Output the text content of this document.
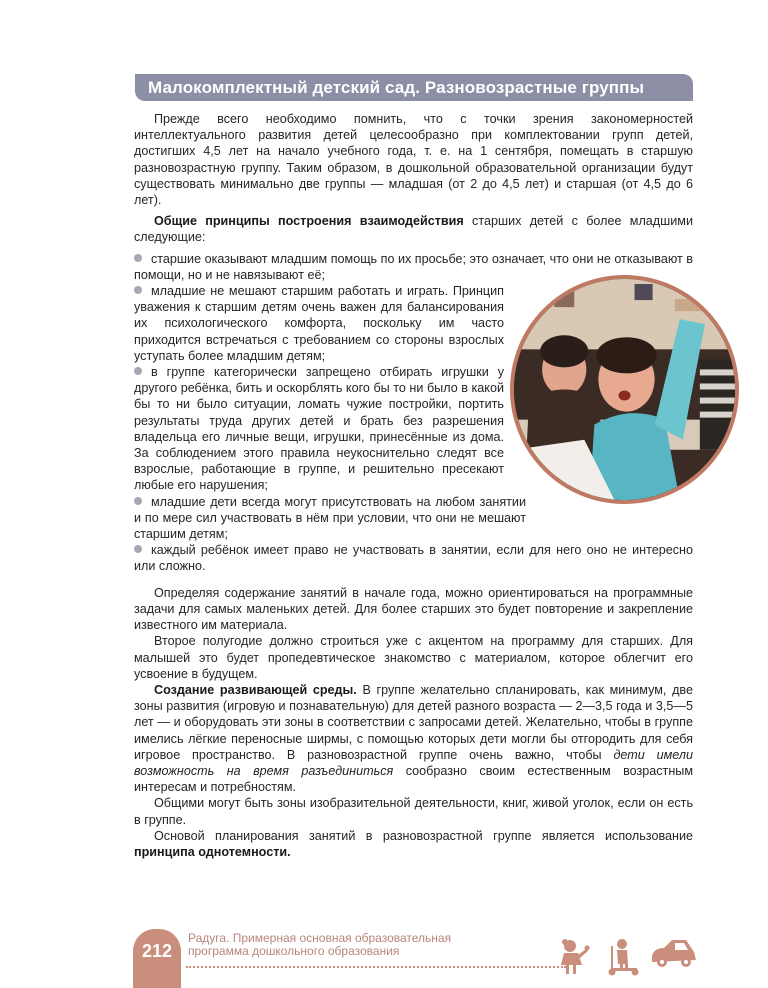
Малокомплектный детский сад. Разновозрастные группы

Прежде всего необходимо помнить, что с точки зрения закономерностей интеллектуального развития детей целесообразно при комплектовании групп детей, достигших 4,5 лет на начало учебного года, т. е. на 1 сентября, помещать в старшую разновозрастную группу. Таким образом, в дошкольной образовательной организации будут существовать минимально две группы — младшая (от 2 до 4,5 лет) и старшая (от 4,5 до 6 лет).

Общие принципы построения взаимодействия старших детей с более младшими следующие:

старшие оказывают младшим помощь по их просьбе; это означает, что они не отказывают в помощи, но и не навязывают её;

младшие не мешают старшим работать и играть. Принцип уважения к старшим детям очень важен для балансирования их психологического комфорта, поскольку им часто приходится встречаться с требованием со стороны взрослых уступать более младшим детям;

в группе категорически запрещено отбирать игрушки у другого ребёнка, бить и оскорблять кого бы то ни было в какой бы то ни было ситуации, ломать чужие постройки, портить результаты труда других детей и брать без разрешения владельца его личные вещи, игрушки, принесённые из дома. За соблюдением этого правила неукоснительно следят все взрослые, работающие в группе, и решительно пресекают любые его нарушения;

младшие дети всегда могут присутствовать на любом занятии и по мере сил участвовать в нём при условии, что они не мешают старшим детям;

каждый ребёнок имеет право не участвовать в занятии, если для него оно не интересно или сложно.

Определяя содержание занятий в начале года, можно ориентироваться на программные задачи для самых маленьких детей. Для более старших это будет повторение и закрепление известного им материала.

Второе полугодие должно строиться уже с акцентом на программу для старших. Для малышей это будет пропедевтическое знакомство с материалом, которое облегчит его усвоение в будущем.

Создание развивающей среды. В группе желательно спланировать, как минимум, две зоны развития (игровую и познавательную) для детей разного возраста — 2—3,5 года и 3,5—5 лет — и оборудовать эти зоны в соответствии с запросами детей. Желательно, чтобы в группе имелись лёгкие переносные ширмы, с помощью которых дети могли бы отгородить для себя игровое пространство. В разновозрастной группе очень важно, чтобы дети имели возможность на время разъединиться сообразно своим естественным возрастным интересам и потребностям.

Общими могут быть зоны изобразительной деятельности, книг, живой уголок, если он есть в группе.

Основой планирования занятий в разновозрастной группе является использование принципа однотемности.

212
Радуга. Примерная основная образовательная
программа дошкольного образования
